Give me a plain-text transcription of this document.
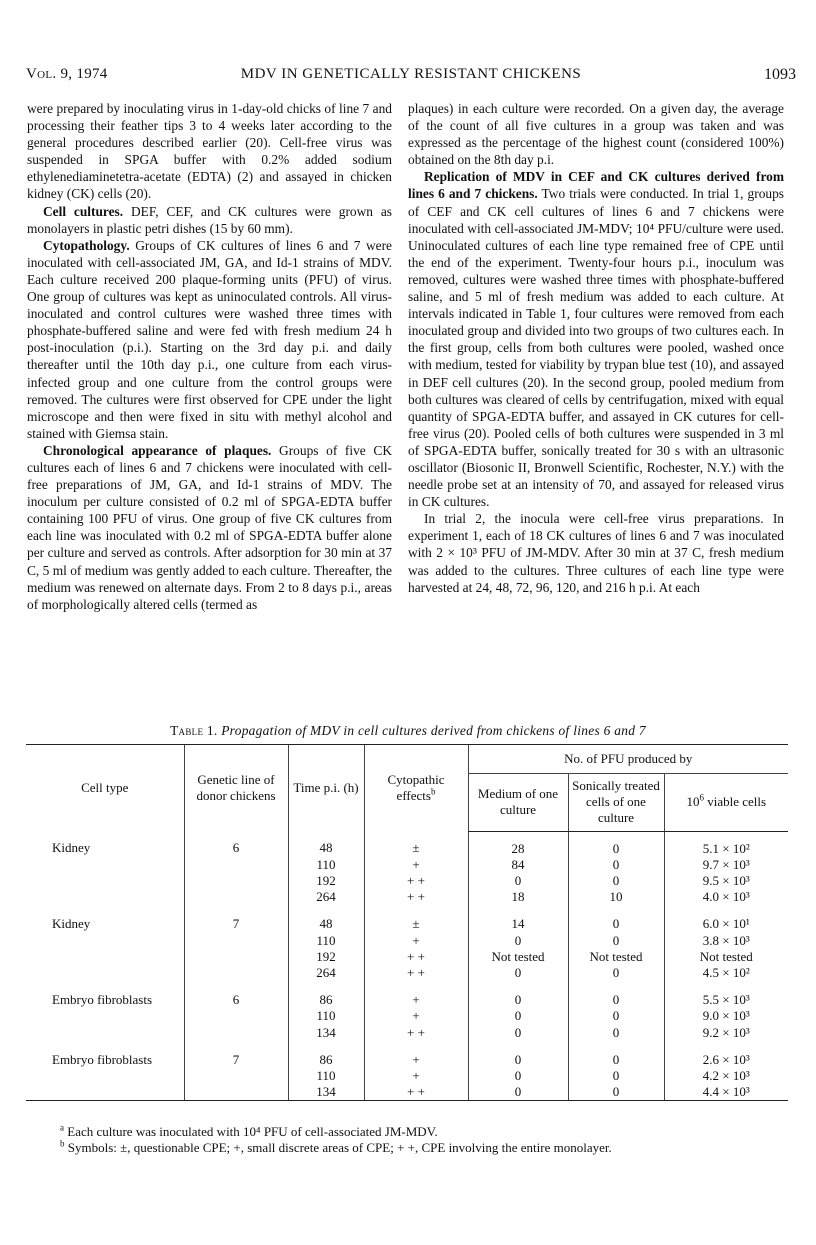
Vol. 9, 1974	MDV IN GENETICALLY RESISTANT CHICKENS	1093

were prepared by inoculating virus in 1-day-old chicks of line 7 and processing their feather tips 3 to 4 weeks later according to the general procedures described earlier (20). Cell-free virus was suspended in SPGA buffer with 0.2% added sodium ethylenediaminetetra-acetate (EDTA) (2) and assayed in chicken kidney (CK) cells (20).

Cell cultures. DEF, CEF, and CK cultures were grown as monolayers in plastic petri dishes (15 by 60 mm).

Cytopathology. Groups of CK cultures of lines 6 and 7 were inoculated with cell-associated JM, GA, and Id-1 strains of MDV. Each culture received 200 plaque-forming units (PFU) of virus. One group of cultures was kept as uninoculated controls. All virus-inoculated and control cultures were washed three times with phosphate-buffered saline and were fed with fresh medium 24 h post-inoculation (p.i.). Starting on the 3rd day p.i. and daily thereafter until the 10th day p.i., one culture from each virus-infected group and one culture from the control groups were removed. The cultures were first observed for CPE under the light microscope and then were fixed in situ with methyl alcohol and stained with Giemsa stain.

Chronological appearance of plaques. Groups of five CK cultures each of lines 6 and 7 chickens were inoculated with cell-free preparations of JM, GA, and Id-1 strains of MDV. The inoculum per culture consisted of 0.2 ml of SPGA-EDTA buffer containing 100 PFU of virus. One group of five CK cultures from each line was inoculated with 0.2 ml of SPGA-EDTA buffer alone per culture and served as controls. After adsorption for 30 min at 37 C, 5 ml of medium was gently added to each culture. Thereafter, the medium was renewed on alternate days. From 2 to 8 days p.i., areas of morphologically altered cells (termed as

plaques) in each culture were recorded. On a given day, the average of the count of all five cultures in a group was taken and was expressed as the percentage of the highest count (considered 100%) obtained on the 8th day p.i.

Replication of MDV in CEF and CK cultures derived from lines 6 and 7 chickens. Two trials were conducted. In trial 1, groups of CEF and CK cell cultures of lines 6 and 7 chickens were inoculated with cell-associated JM-MDV; 10⁴ PFU/culture were used. Uninoculated cultures of each line type remained free of CPE until the end of the experiment. Twenty-four hours p.i., inoculum was removed, cultures were washed three times with phosphate-buffered saline, and 5 ml of fresh medium was added to each culture. At intervals indicated in Table 1, four cultures were removed from each inoculated group and divided into two groups of two cultures each. In the first group, cells from both cultures were pooled, washed once with medium, tested for viability by trypan blue test (10), and assayed in DEF cell cultures (20). In the second group, pooled medium from both cultures was cleared of cells by centrifugation, mixed with equal quantity of SPGA-EDTA buffer, and assayed in CK cutures for cell-free virus (20). Pooled cells of both cultures were suspended in 3 ml of SPGA-EDTA buffer, sonically treated for 30 s with an ultrasonic oscillator (Biosonic II, Bronwell Scientific, Rochester, N.Y.) with the needle probe set at an intensity of 70, and assayed for released virus in CK cultures.

In trial 2, the inocula were cell-free virus preparations. In experiment 1, each of 18 CK cultures of lines 6 and 7 was inoculated with 2 × 10³ PFU of JM-MDV. After 30 min at 37 C, fresh medium was added to the cultures. Three cultures of each line type were harvested at 24, 48, 72, 96, 120, and 216 h p.i. At each

Table 1. Propagation of MDV in cell cultures derived from chickens of lines 6 and 7
Cell type	Genetic line of donor chickens	Time p.i. (h)	Cytopathic effects$^b$	No. of PFU produced by		
				Medium of one culture	Sonically treated cells of one culture	$10^6$ viable cells
Kidney	6	48	±	28	0	5.1 × 10²
		110	+	84	0	9.7 × 10³
		192	+ +	0	0	9.5 × 10³
		264	+ +	18	10	4.0 × 10³
Kidney	7	48	±	14	0	6.0 × 10¹
		110	+	0	0	3.8 × 10³
		192	+ +	Not tested	Not tested	Not tested
		264	+ +	0	0	4.5 × 10²
Embryo fibroblasts	6	86	+	0	0	5.5 × 10³
		110	+	0	0	9.0 × 10³
		134	+ +	0	0	9.2 × 10³
Embryo fibroblasts	7	86	+	0	0	2.6 × 10³
		110	+	0	0	4.2 × 10³
		134	+ +	0	0	4.4 × 10³
$^a$ Each culture was inoculated with 10⁴ PFU of cell-associated JM-MDV.
$^b$ Symbols: ±, questionable CPE; +, small discrete areas of CPE; + +, CPE involving the entire monolayer.
